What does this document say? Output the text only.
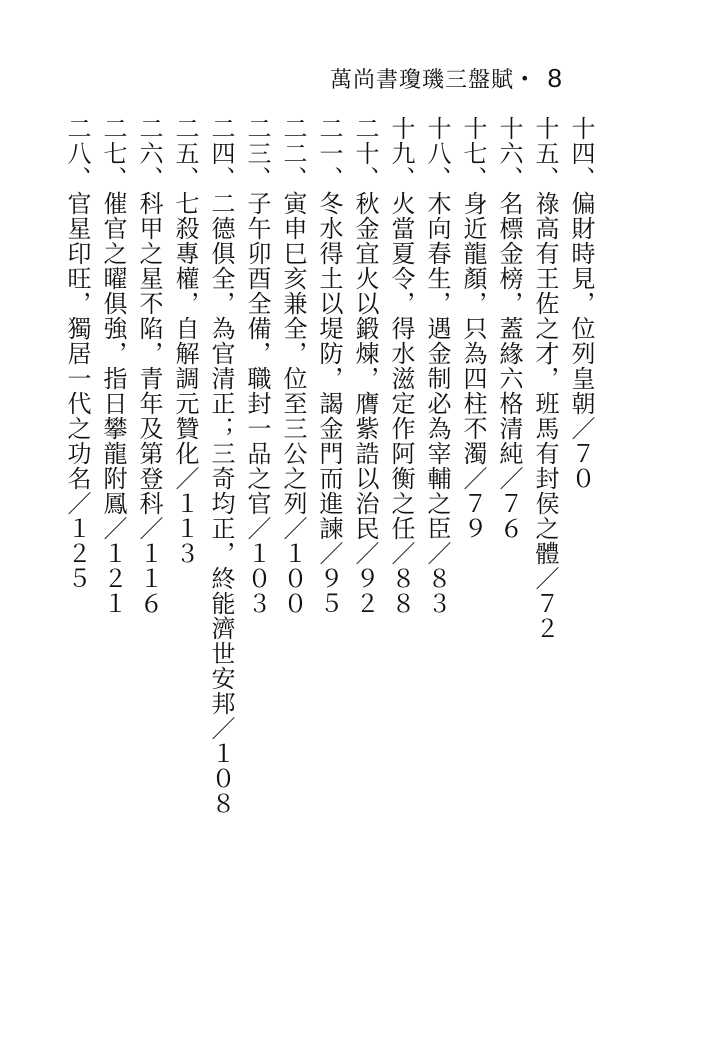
萬尚書瓊璣三盤賦 • 8
十四、偏財時見，位列皇朝／７０
十五、祿高有王佐之才，班馬有封侯之體／７２
十六、名標金榜，蓋緣六格清純／７６
十七、身近龍顏，只為四柱不濁／７９
十八、木向春生，遇金制必為宰輔之臣／８３
十九、火當夏令，得水滋定作阿衡之任／８８
二十、秋金宜火以鍛煉，膺紫誥以治民／９２
二一、冬水得土以堤防，謁金門而進諫／９５
二二、寅申巳亥兼全，位至三公之列／１００
二三、子午卯酉全備，職封一品之官／１０３
二四、二德俱全，為官清正；三奇均正，終能濟世安邦／１０８
二五、七殺專權，自解調元贊化／１１３
二六、科甲之星不陷，青年及第登科／１１６
二七、催官之曜俱強，指日攀龍附鳳／１２１
二八、官星印旺，獨居一代之功名／１２５
